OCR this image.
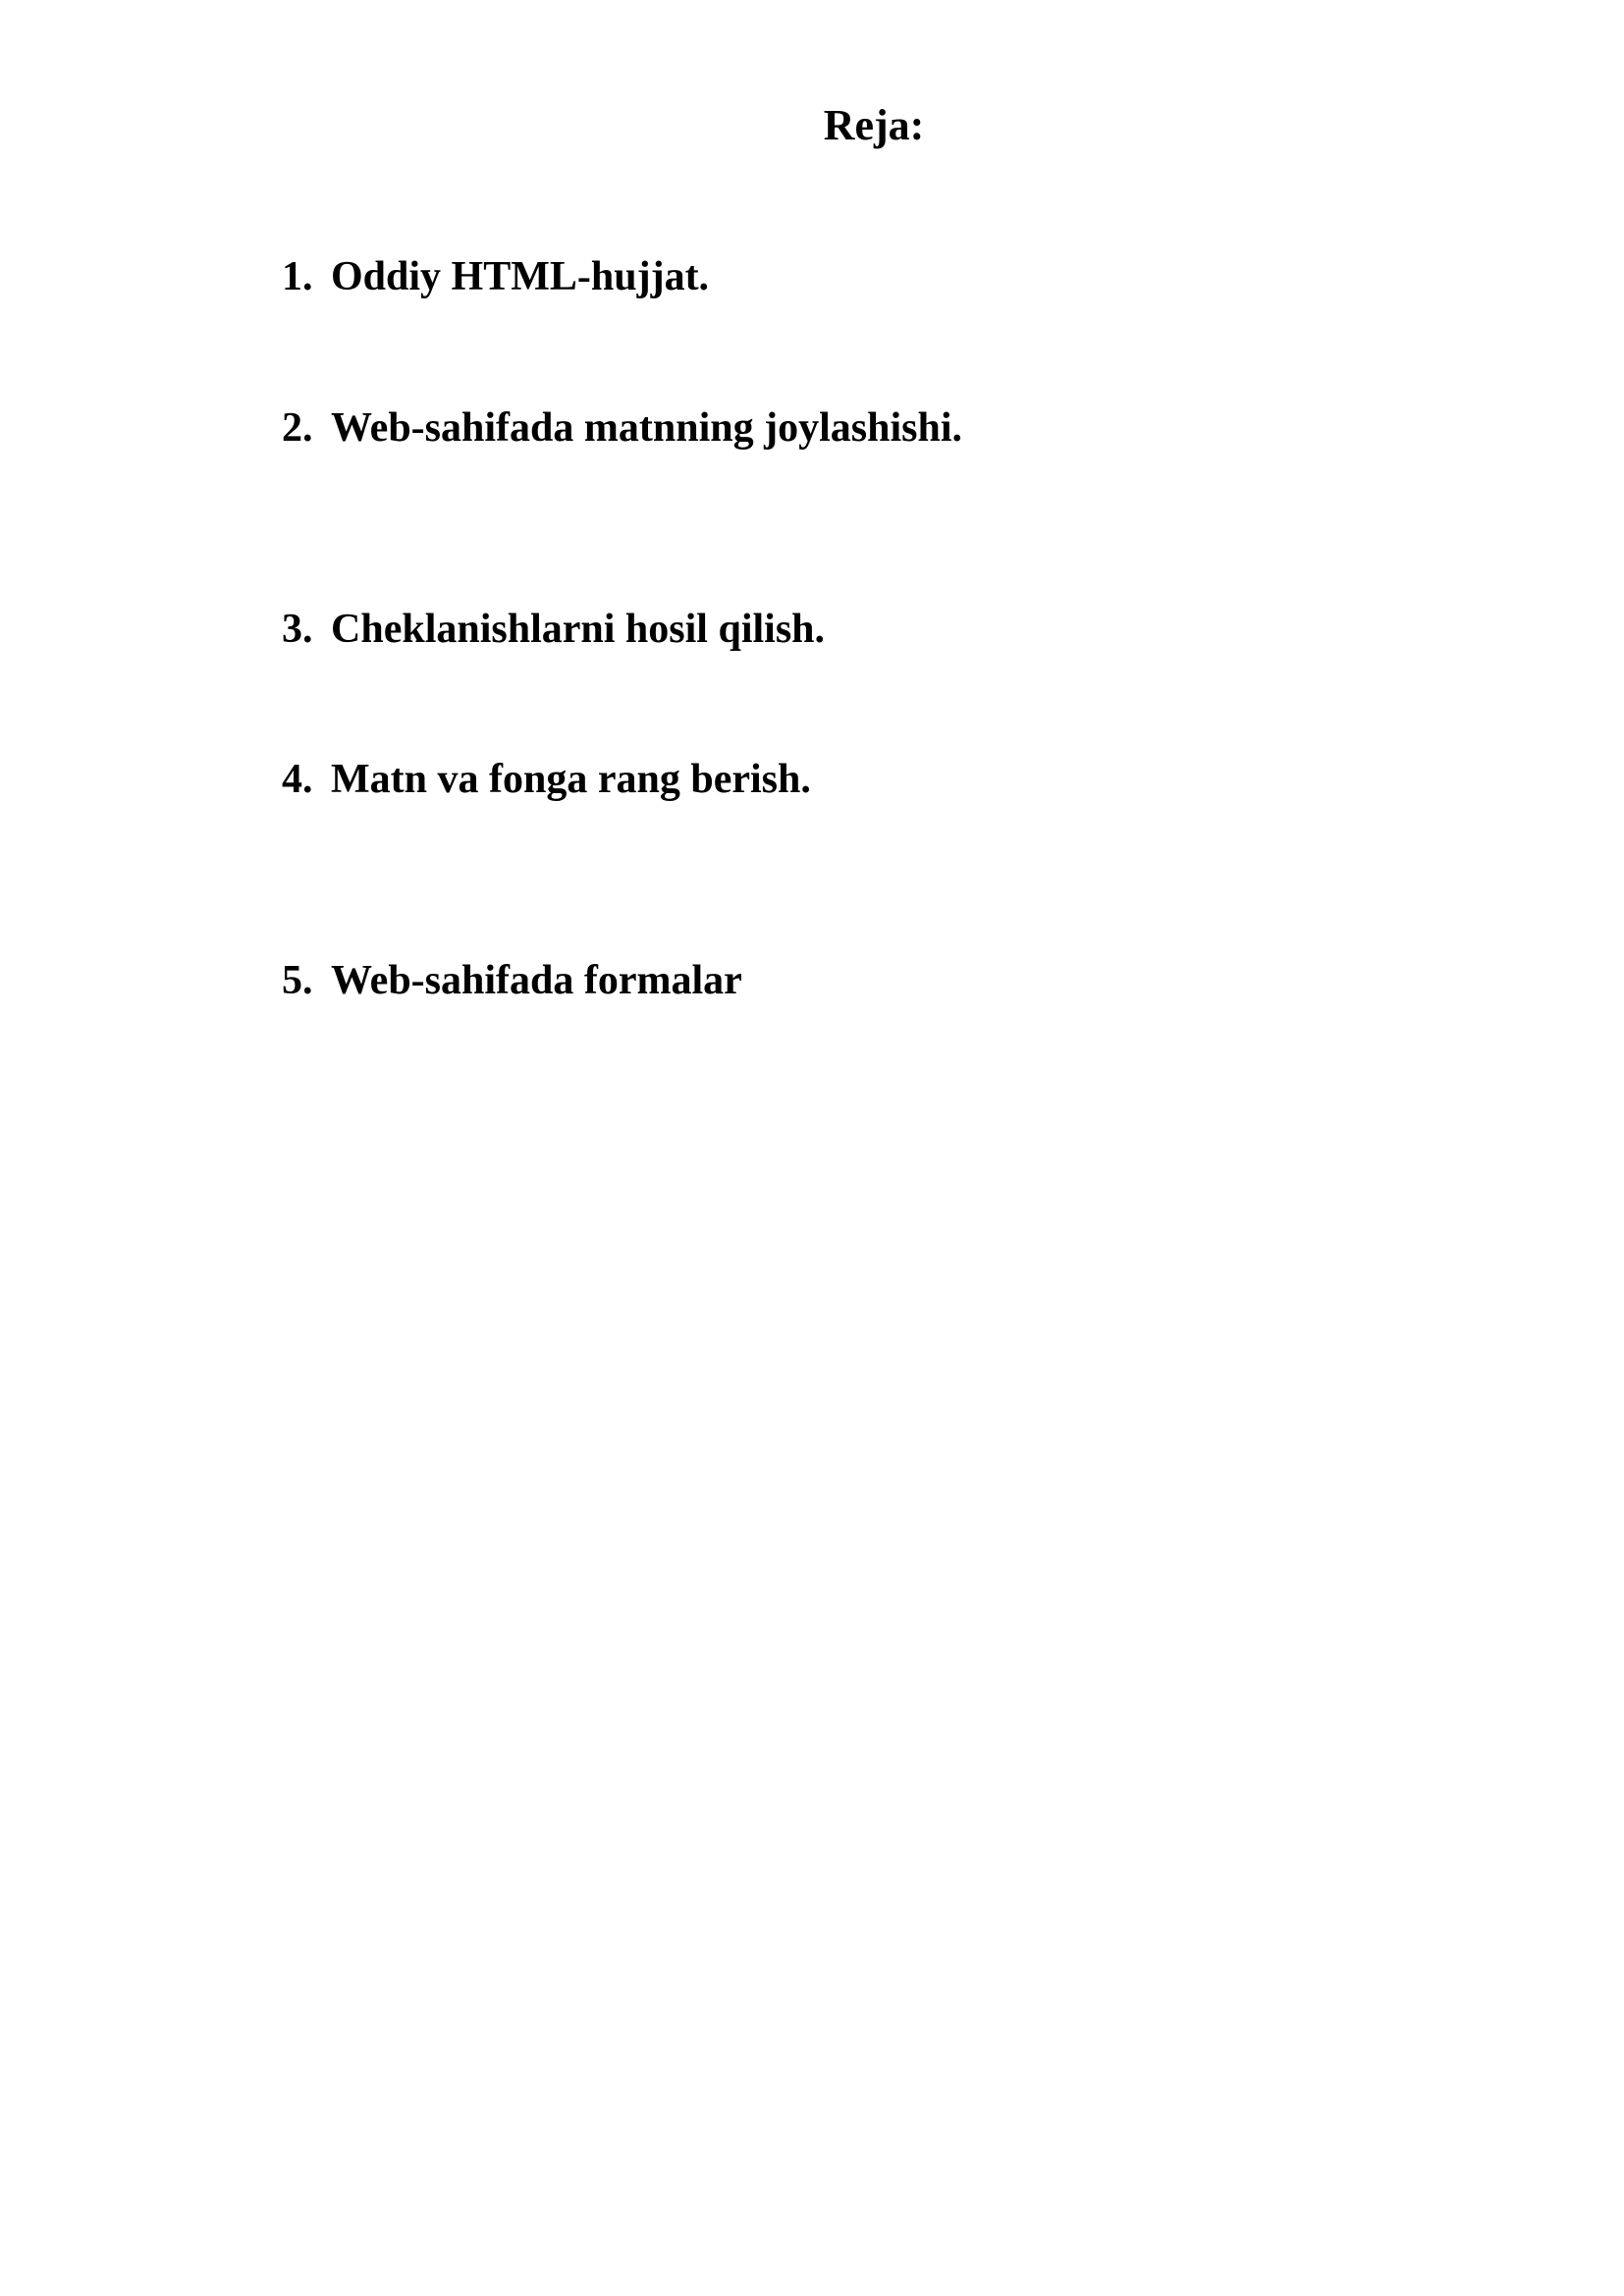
Reja:
1. Oddiy HTML-hujjat.
2. Web-sahifada matnning joylashishi.
3. Cheklanishlarni hosil qilish.
4. Matn va fonga rang berish.
5. Web-sahifada formalar
